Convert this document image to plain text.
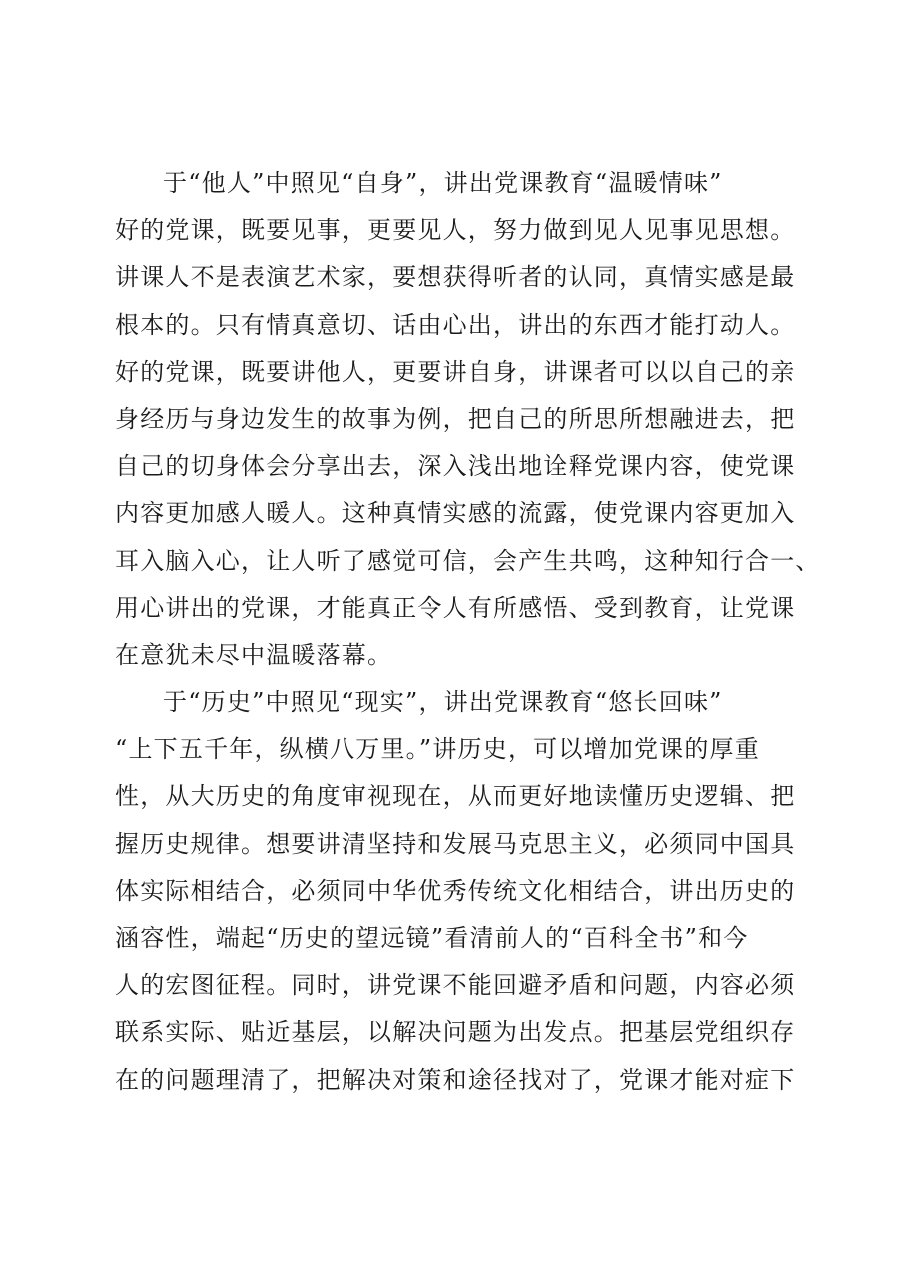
于“他人”中照见“自身”，讲出党课教育“温暖情味”
好的党课，既要见事，更要见人，努力做到见人见事见思想。
讲课人不是表演艺术家，要想获得听者的认同，真情实感是最
根本的。只有情真意切、话由心出，讲出的东西才能打动人。
好的党课，既要讲他人，更要讲自身，讲课者可以以自己的亲
身经历与身边发生的故事为例，把自己的所思所想融进去，把
自己的切身体会分享出去，深入浅出地诠释党课内容，使党课
内容更加感人暖人。这种真情实感的流露，使党课内容更加入
耳入脑入心，让人听了感觉可信，会产生共鸣，这种知行合一、
用心讲出的党课，才能真正令人有所感悟、受到教育，让党课
在意犹未尽中温暖落幕。
于“历史”中照见“现实”，讲出党课教育“悠长回味”
“上下五千年，纵横八万里。”讲历史，可以增加党课的厚重
性，从大历史的角度审视现在，从而更好地读懂历史逻辑、把
握历史规律。想要讲清坚持和发展马克思主义，必须同中国具
体实际相结合，必须同中华优秀传统文化相结合，讲出历史的
涵容性，端起“历史的望远镜”看清前人的“百科全书”和今
人的宏图征程。同时，讲党课不能回避矛盾和问题，内容必须
联系实际、贴近基层，以解决问题为出发点。把基层党组织存
在的问题理清了，把解决对策和途径找对了，党课才能对症下
